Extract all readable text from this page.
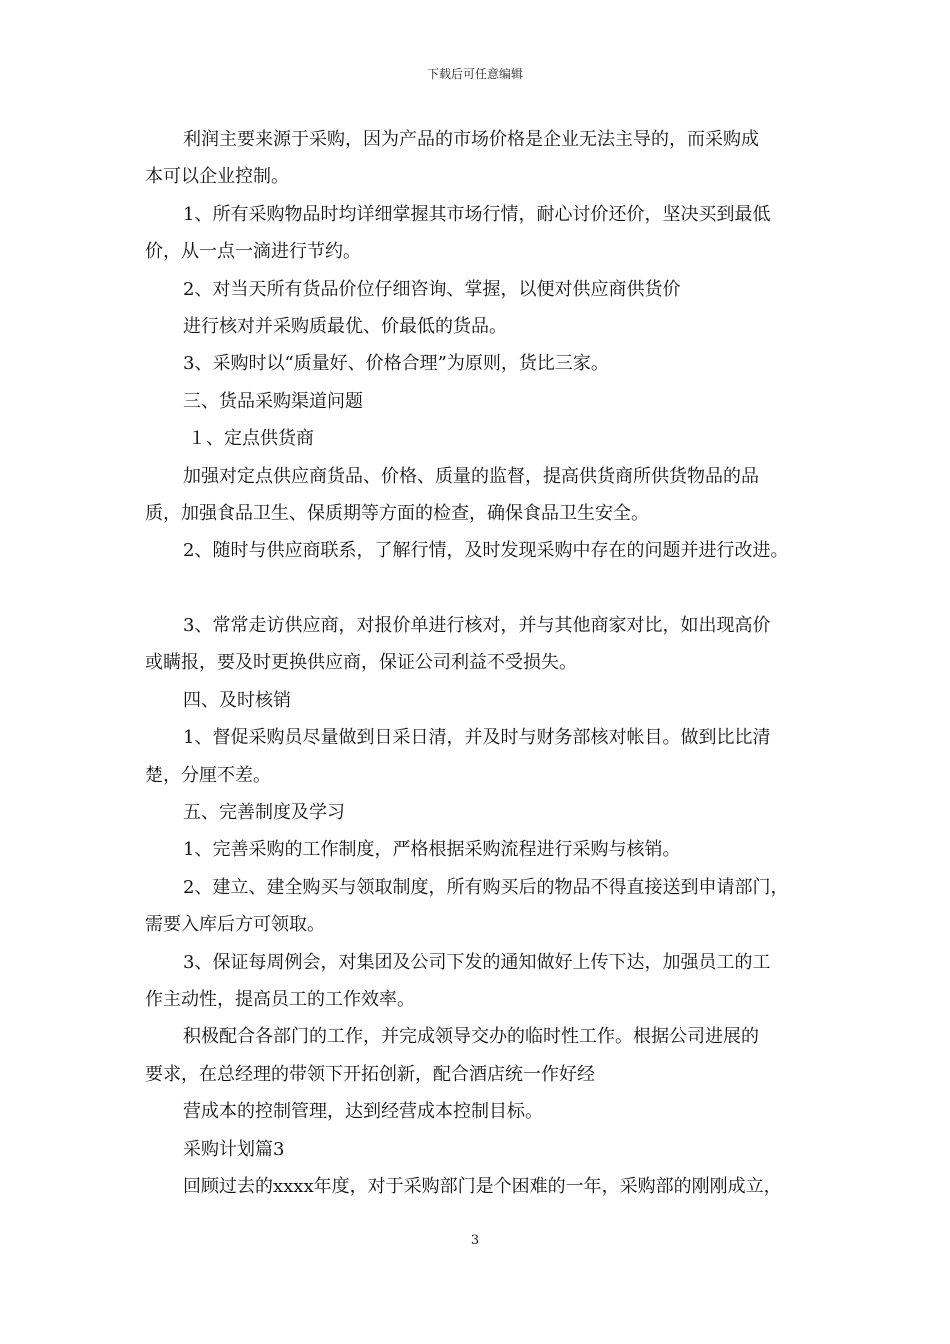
下载后可任意编辑
利润主要来源于采购，因为产品的市场价格是企业无法主导的，而采购成
本可以企业控制。
1、所有采购物品时均详细掌握其市场行情，耐心讨价还价，坚决买到最低
价，从一点一滴进行节约。
2、对当天所有货品价位仔细咨询、掌握，以便对供应商供货价
进行核对并采购质最优、价最低的货品。
3、采购时以“质量好、价格合理”为原则，货比三家。
三、货品采购渠道问题
１、定点供货商
加强对定点供应商货品、价格、质量的监督，提高供货商所供货物品的品
质，加强食品卫生、保质期等方面的检查，确保食品卫生安全。
2、随时与供应商联系，了解行情，及时发现采购中存在的问题并进行改进。
3、常常走访供应商，对报价单进行核对，并与其他商家对比，如出现高价
或瞒报，要及时更换供应商，保证公司利益不受损失。
四、及时核销
1、督促采购员尽量做到日采日清，并及时与财务部核对帐目。做到比比清
楚，分厘不差。
五、完善制度及学习
1、完善采购的工作制度，严格根据采购流程进行采购与核销。
2、建立、建全购买与领取制度，所有购买后的物品不得直接送到申请部门，
需要入库后方可领取。
3、保证每周例会，对集团及公司下发的通知做好上传下达，加强员工的工
作主动性，提高员工的工作效率。
积极配合各部门的工作，并完成领导交办的临时性工作。根据公司进展的
要求，在总经理的带领下开拓创新，配合酒店统一作好经
营成本的控制管理，达到经营成本控制目标。
采购计划篇3
回顾过去的xxxx年度，对于采购部门是个困难的一年，采购部的刚刚成立，
3
